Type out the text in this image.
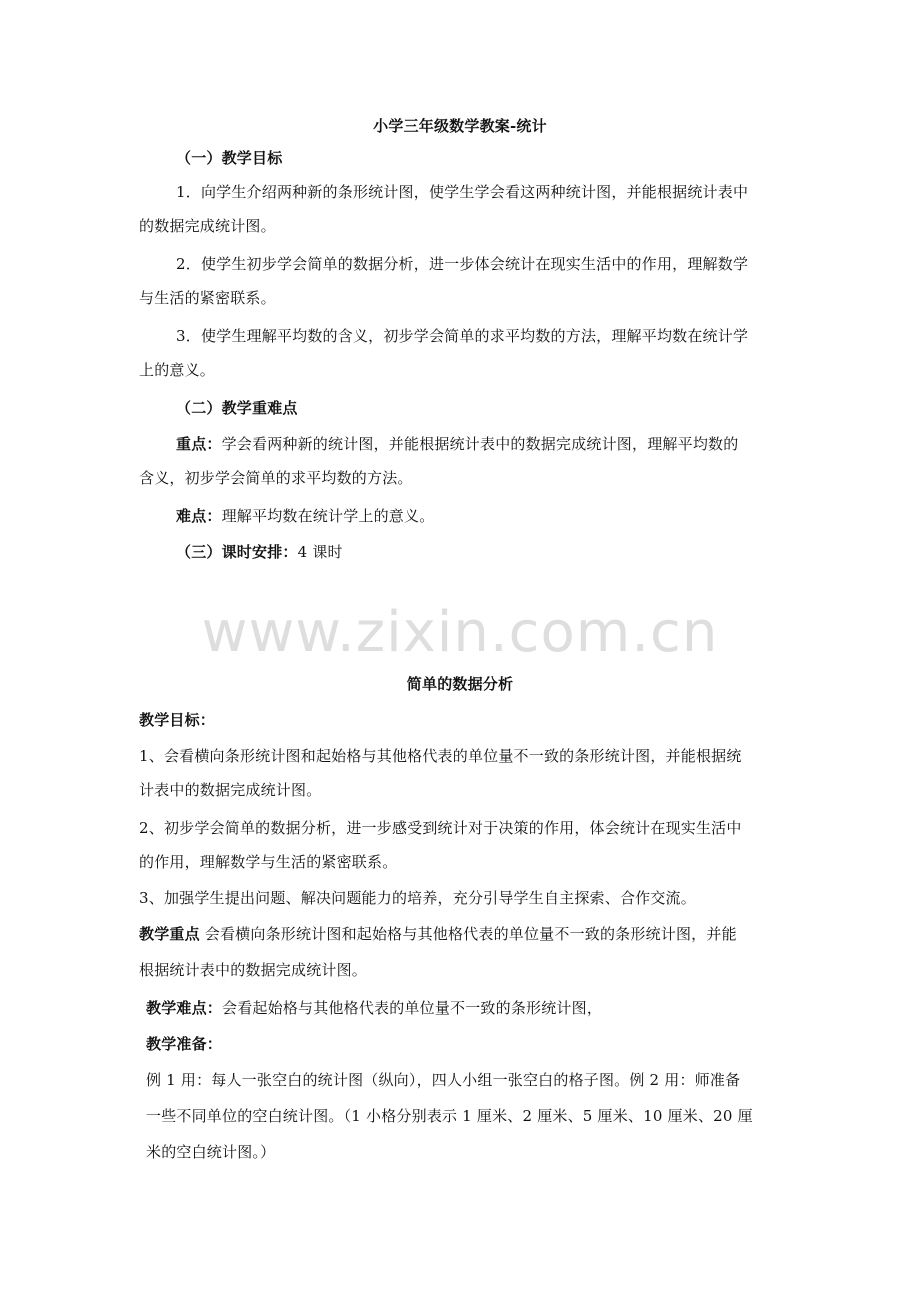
小学三年级数学教案-统计
（一）教学目标
1．向学生介绍两种新的条形统计图，使学生学会看这两种统计图，并能根据统计表中
的数据完成统计图。
2．使学生初步学会简单的数据分析，进一步体会统计在现实生活中的作用，理解数学
与生活的紧密联系。
3．使学生理解平均数的含义，初步学会简单的求平均数的方法，理解平均数在统计学
上的意义。
（二）教学重难点
重点：学会看两种新的统计图，并能根据统计表中的数据完成统计图，理解平均数的
含义，初步学会简单的求平均数的方法。
难点：理解平均数在统计学上的意义。
（三）课时安排：4 课时
www.zixin.com.cn
简单的数据分析
教学目标：
1、会看横向条形统计图和起始格与其他格代表的单位量不一致的条形统计图，并能根据统
计表中的数据完成统计图。
2、初步学会简单的数据分析，进一步感受到统计对于决策的作用，体会统计在现实生活中
的作用，理解数学与生活的紧密联系。
3、加强学生提出问题、解决问题能力的培养，充分引导学生自主探索、合作交流。
教学重点 会看横向条形统计图和起始格与其他格代表的单位量不一致的条形统计图，并能
根据统计表中的数据完成统计图。
教学难点：会看起始格与其他格代表的单位量不一致的条形统计图，
教学准备：
例 1 用：每人一张空白的统计图（纵向），四人小组一张空白的格子图。例 2 用：师准备
一些不同单位的空白统计图。（1 小格分别表示 1 厘米、2 厘米、5 厘米、10 厘米、20 厘
米的空白统计图。）
